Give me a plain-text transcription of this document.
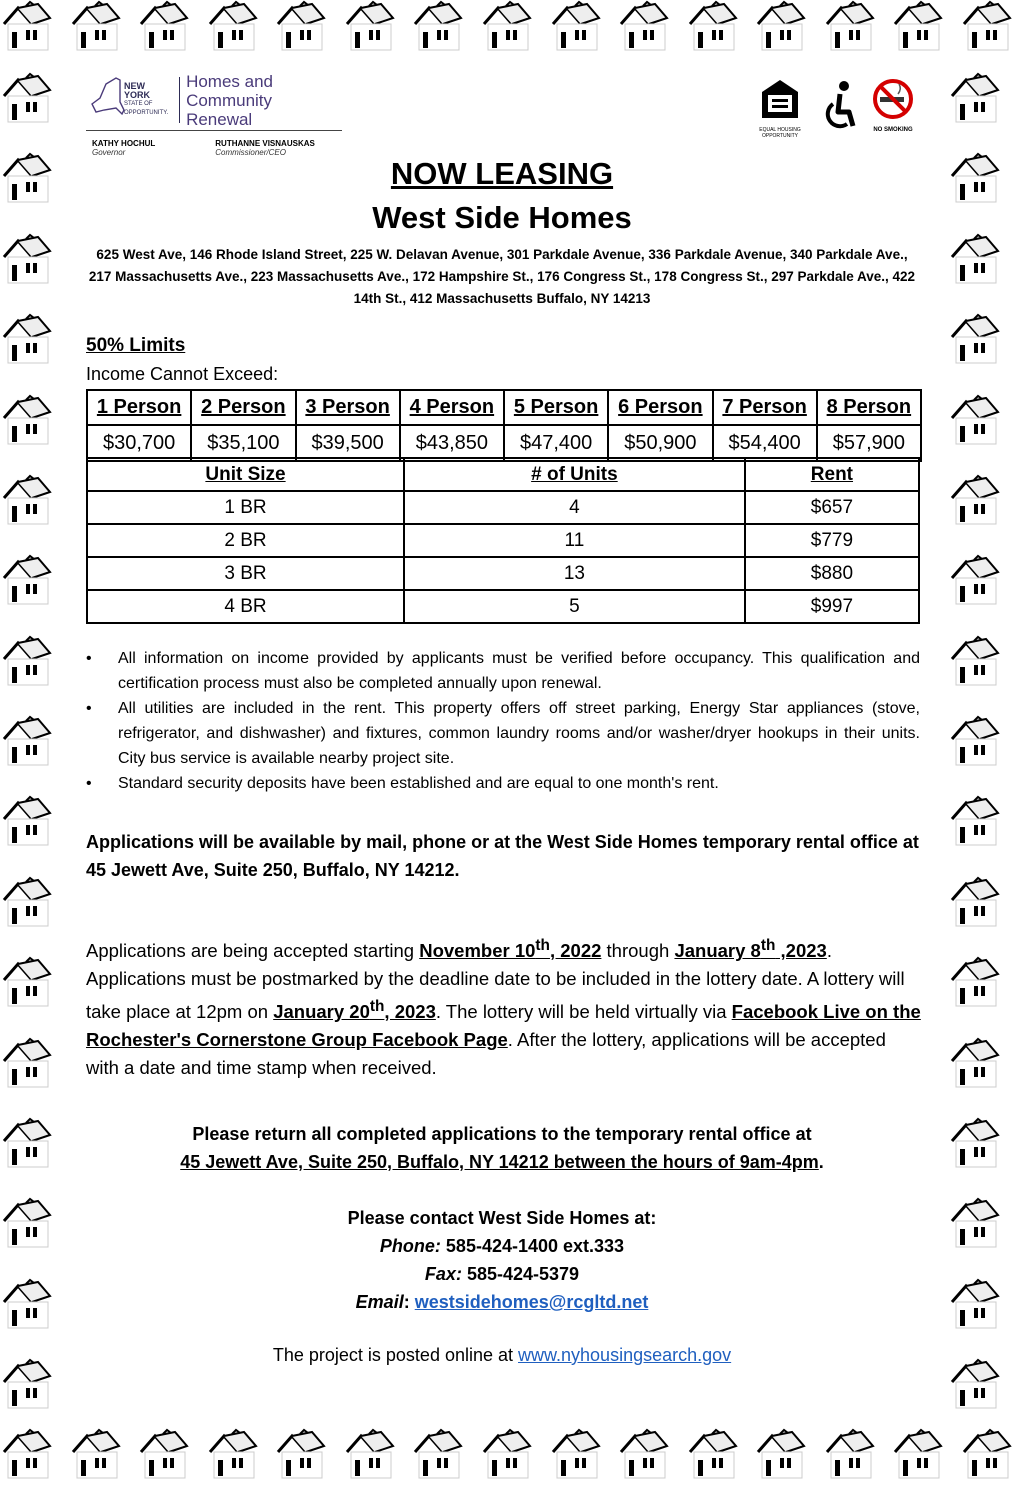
NEW YORK
STATE OF
OPPORTUNITY.
Homes and
Community Renewal
KATHY HOCHUL
Governor
RUTHANNE VISNAUSKAS
Commissioner/CEO
EQUAL HOUSING OPPORTUNITY
NO SMOKING
NOW LEASING
West Side Homes
625 West Ave, 146 Rhode Island Street, 225 W. Delavan Avenue, 301 Parkdale Avenue, 336 Parkdale Avenue, 340 Parkdale Ave., 217 Massachusetts Ave., 223 Massachusetts Ave., 172 Hampshire St., 176 Congress St., 178 Congress St., 297 Parkdale Ave., 422 14th St., 412 Massachusetts Buffalo, NY 14213
50% Limits
Income Cannot Exceed:
1 Person	2 Person	3 Person	4 Person	5 Person	6 Person	7 Person	8 Person
$30,700	$35,100	$39,500	$43,850	$47,400	$50,900	$54,400	$57,900
Unit Size	# of Units	Rent
1 BR	4	$657
2 BR	11	$779
3 BR	13	$880
4 BR	5	$997
• All information on income provided by applicants must be verified before occupancy. This qualification and certification process must also be completed annually upon renewal.
• All utilities are included in the rent. This property offers off street parking, Energy Star appliances (stove, refrigerator, and dishwasher) and fixtures, common laundry rooms and/or washer/dryer hookups in their units. City bus service is available nearby project site.
• Standard security deposits have been established and are equal to one month's rent.
Applications will be available by mail, phone or at the West Side Homes temporary rental office at 45 Jewett Ave, Suite 250, Buffalo, NY 14212.
Applications are being accepted starting November 10th, 2022 through January 8th ,2023. Applications must be postmarked by the deadline date to be included in the lottery date. A lottery will take place at 12pm on January 20th, 2023. The lottery will be held virtually via Facebook Live on the Rochester's Cornerstone Group Facebook Page. After the lottery, applications will be accepted with a date and time stamp when received.
Please return all completed applications to the temporary rental office at
45 Jewett Ave, Suite 250, Buffalo, NY 14212 between the hours of 9am-4pm.
Please contact West Side Homes at:
Phone: 585-424-1400 ext.333
Fax: 585-424-5379
Email: westsidehomes@rcgltd.net
The project is posted online at www.nyhousingsearch.gov
